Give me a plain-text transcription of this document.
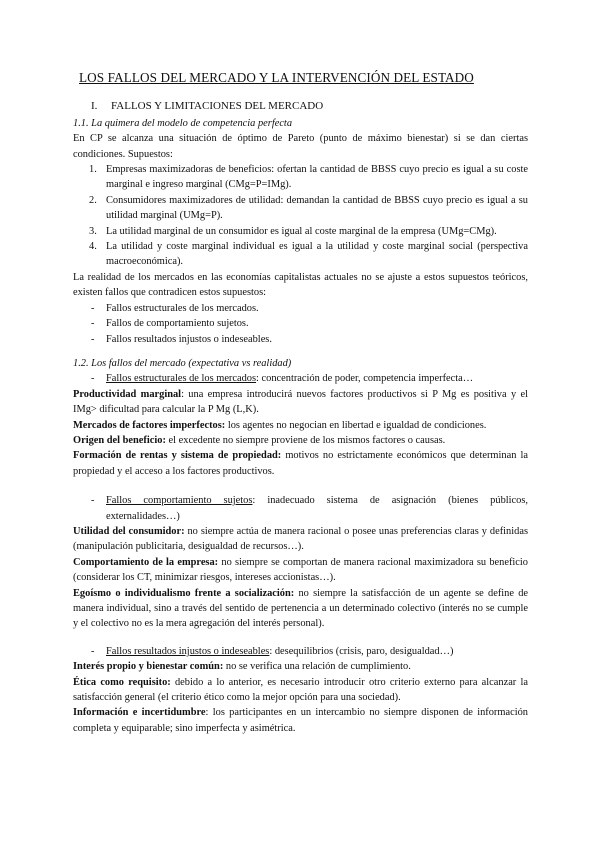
LOS FALLOS DEL MERCADO Y LA INTERVENCIÓN DEL ESTADO
I. FALLOS Y LIMITACIONES DEL MERCADO

1.1. La quimera del modelo de competencia perfecta

En CP se alcanza una situación de óptimo de Pareto (punto de máximo bienestar) si se dan ciertas condiciones. Supuestos:

1. Empresas maximizadoras de beneficios: ofertan la cantidad de BBSS cuyo precio es igual a su coste marginal e ingreso marginal (CMg=P=IMg).
2. Consumidores maximizadores de utilidad: demandan la cantidad de BBSS cuyo precio es igual a su utilidad marginal (UMg=P).
3. La utilidad marginal de un consumidor es igual al coste marginal de la empresa (UMg=CMg).
4. La utilidad y coste marginal individual es igual a la utilidad y coste marginal social (perspectiva macroeconómica).

La realidad de los mercados en las economías capitalistas actuales no se ajuste a estos supuestos teóricos, existen fallos que contradicen estos supuestos:

- Fallos estructurales de los mercados.
- Fallos de comportamiento sujetos.
- Fallos resultados injustos o indeseables.

1.2. Los fallos del mercado (expectativa vs realidad)

- Fallos estructurales de los mercados: concentración de poder, competencia imperfecta…

Productividad marginal: una empresa introducirá nuevos factores productivos si P Mg es positiva y el IMg> dificultad para calcular la P Mg (L,K).

Mercados de factores imperfectos: los agentes no negocian en libertad e igualdad de condiciones.

Origen del beneficio: el excedente no siempre proviene de los mismos factores o causas.

Formación de rentas y sistema de propiedad: motivos no estrictamente económicos que determinan la propiedad y el acceso a los factores productivos.

- Fallos comportamiento sujetos: inadecuado sistema de asignación (bienes públicos, externalidades…)

Utilidad del consumidor: no siempre actúa de manera racional o posee unas preferencias claras y definidas (manipulación publicitaria, desigualdad de recursos…).

Comportamiento de la empresa: no siempre se comportan de manera racional maximizadora su beneficio (considerar los CT, minimizar riesgos, intereses accionistas…).

Egoísmo o individualismo frente a socialización: no siempre la satisfacción de un agente se define de manera individual, sino a través del sentido de pertenencia a un determinado colectivo (interés no se cumple y el colectivo no es la mera agregación del interés personal).

- Fallos resultados injustos o indeseables: desequilibrios (crisis, paro, desigualdad…)

Interés propio y bienestar común: no se verifica una relación de cumplimiento.

Ética como requisito: debido a lo anterior, es necesario introducir otro criterio externo para alcanzar la satisfacción general (el criterio ético como la mejor opción para una sociedad).

Información e incertidumbre: los participantes en un intercambio no siempre disponen de información completa y equiparable; sino imperfecta y asimétrica.
